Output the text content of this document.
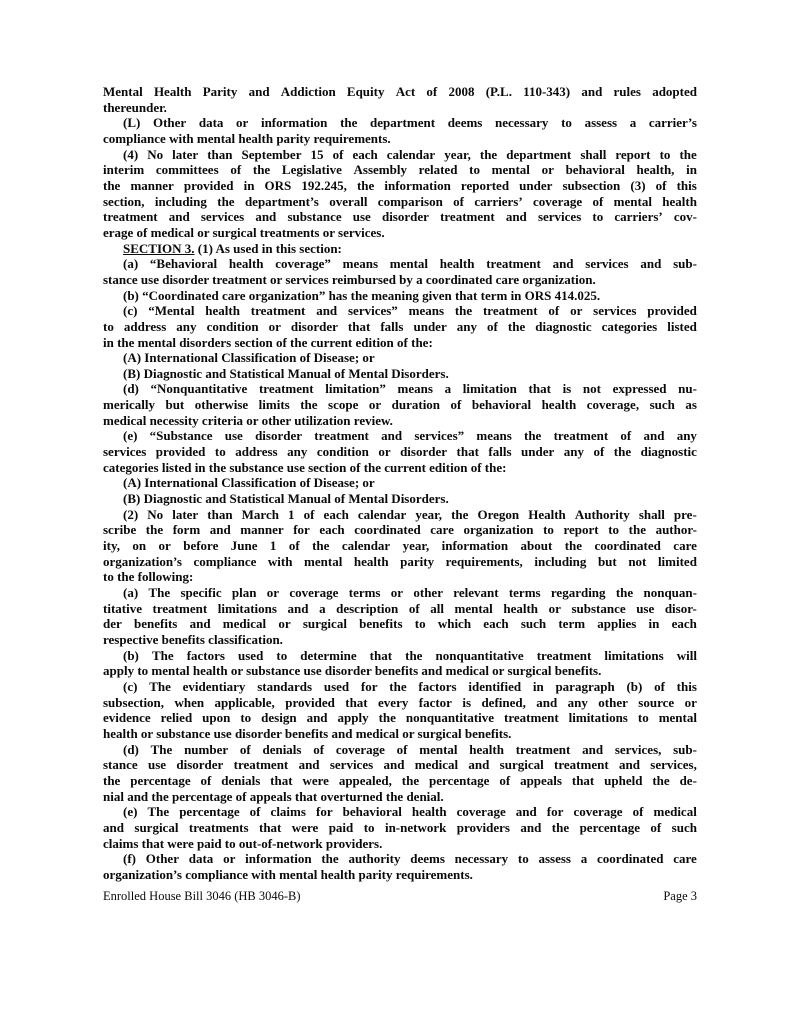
Mental Health Parity and Addiction Equity Act of 2008 (P.L. 110-343) and rules adopted
thereunder.
(L) Other data or information the department deems necessary to assess a carrier’s
compliance with mental health parity requirements.
(4) No later than September 15 of each calendar year, the department shall report to the
interim committees of the Legislative Assembly related to mental or behavioral health, in
the manner provided in ORS 192.245, the information reported under subsection (3) of this
section, including the department’s overall comparison of carriers’ coverage of mental health
treatment and services and substance use disorder treatment and services to carriers’ cov-
erage of medical or surgical treatments or services.
SECTION 3. (1) As used in this section:
(a) “Behavioral health coverage” means mental health treatment and services and sub-
stance use disorder treatment or services reimbursed by a coordinated care organization.
(b) “Coordinated care organization” has the meaning given that term in ORS 414.025.
(c) “Mental health treatment and services” means the treatment of or services provided
to address any condition or disorder that falls under any of the diagnostic categories listed
in the mental disorders section of the current edition of the:
(A) International Classification of Disease; or
(B) Diagnostic and Statistical Manual of Mental Disorders.
(d) “Nonquantitative treatment limitation” means a limitation that is not expressed nu-
merically but otherwise limits the scope or duration of behavioral health coverage, such as
medical necessity criteria or other utilization review.
(e) “Substance use disorder treatment and services” means the treatment of and any
services provided to address any condition or disorder that falls under any of the diagnostic
categories listed in the substance use section of the current edition of the:
(A) International Classification of Disease; or
(B) Diagnostic and Statistical Manual of Mental Disorders.
(2) No later than March 1 of each calendar year, the Oregon Health Authority shall pre-
scribe the form and manner for each coordinated care organization to report to the author-
ity, on or before June 1 of the calendar year, information about the coordinated care
organization’s compliance with mental health parity requirements, including but not limited
to the following:
(a) The specific plan or coverage terms or other relevant terms regarding the nonquan-
titative treatment limitations and a description of all mental health or substance use disor-
der benefits and medical or surgical benefits to which each such term applies in each
respective benefits classification.
(b) The factors used to determine that the nonquantitative treatment limitations will
apply to mental health or substance use disorder benefits and medical or surgical benefits.
(c) The evidentiary standards used for the factors identified in paragraph (b) of this
subsection, when applicable, provided that every factor is defined, and any other source or
evidence relied upon to design and apply the nonquantitative treatment limitations to mental
health or substance use disorder benefits and medical or surgical benefits.
(d) The number of denials of coverage of mental health treatment and services, sub-
stance use disorder treatment and services and medical and surgical treatment and services,
the percentage of denials that were appealed, the percentage of appeals that upheld the de-
nial and the percentage of appeals that overturned the denial.
(e) The percentage of claims for behavioral health coverage and for coverage of medical
and surgical treatments that were paid to in-network providers and the percentage of such
claims that were paid to out-of-network providers.
(f) Other data or information the authority deems necessary to assess a coordinated care
organization’s compliance with mental health parity requirements.
Enrolled House Bill 3046 (HB 3046-B)	Page 3
